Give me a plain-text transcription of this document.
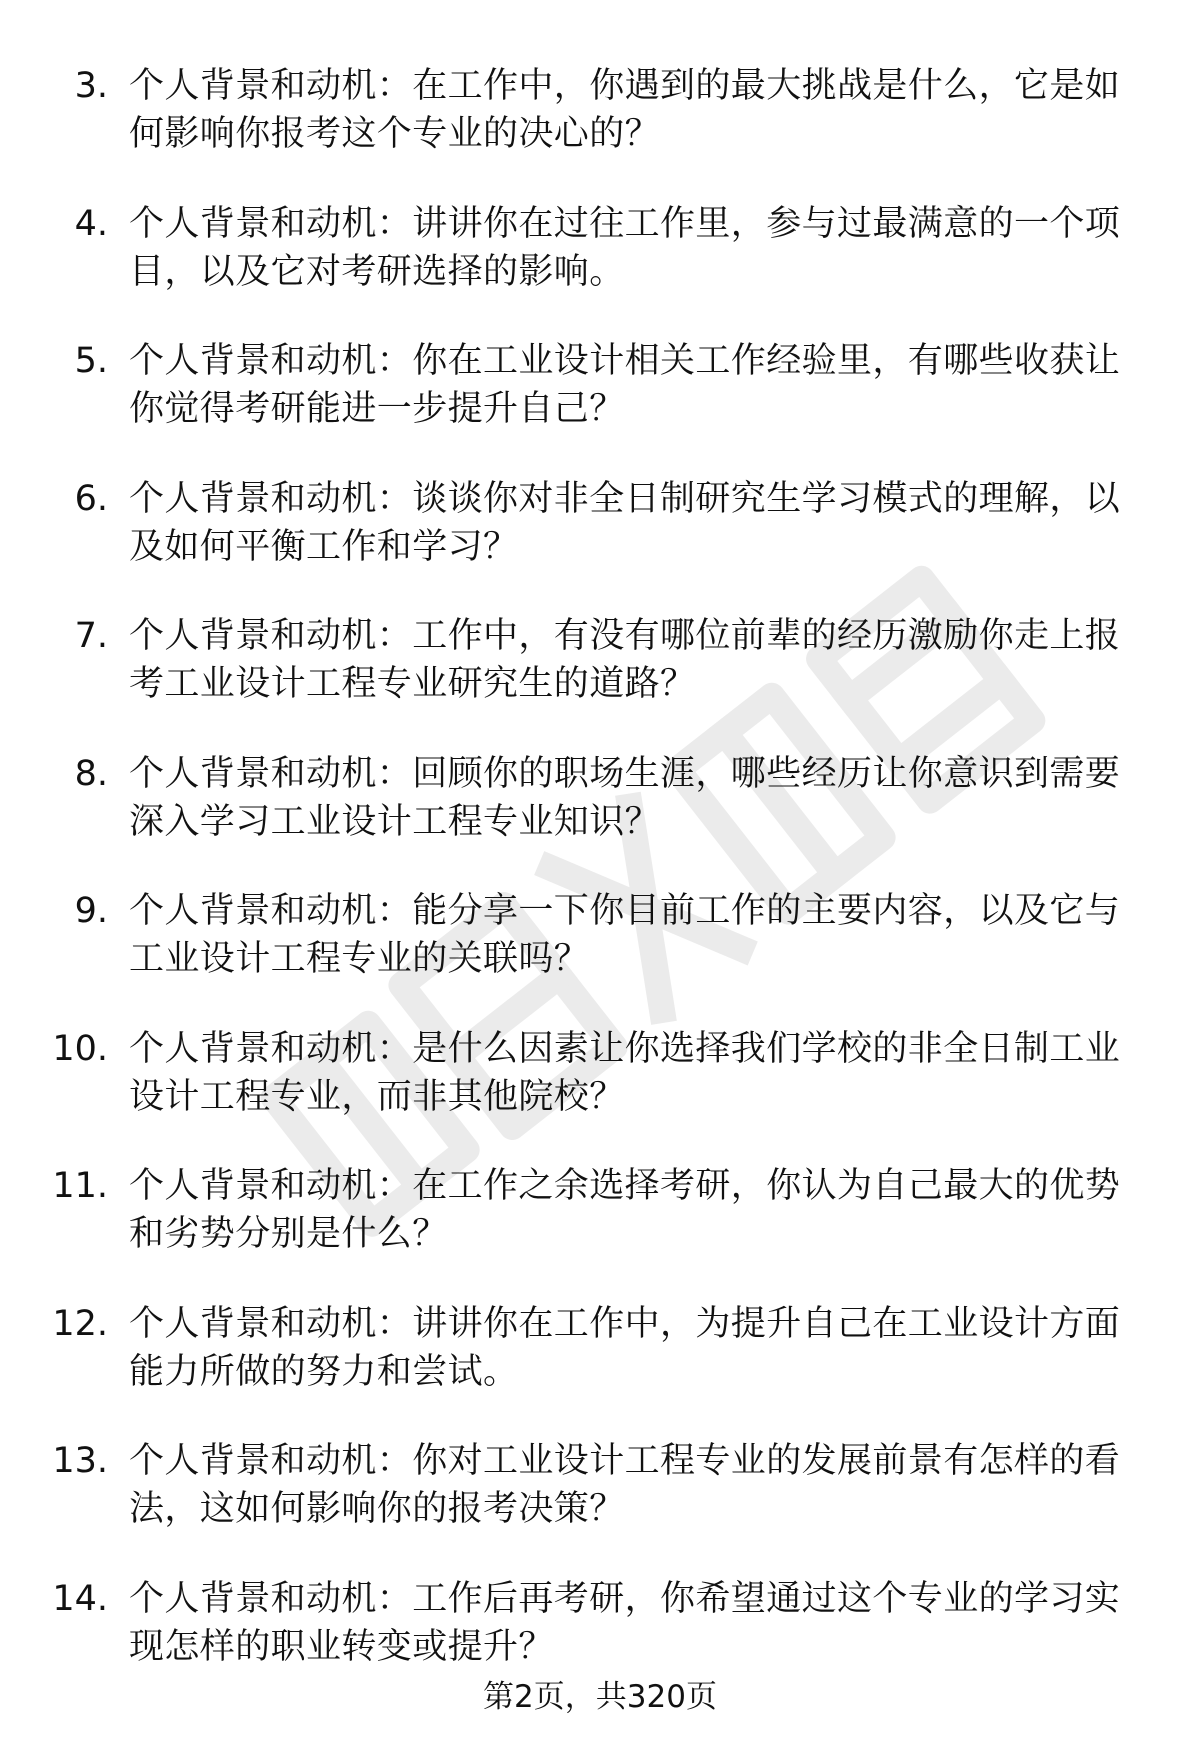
3. 个人背景和动机：在工作中，你遇到的最大挑战是什么，它是如何影响你报考这个专业的决心的？
4. 个人背景和动机：讲讲你在过往工作里，参与过最满意的一个项目，以及它对考研选择的影响。
5. 个人背景和动机：你在工业设计相关工作经验里，有哪些收获让你觉得考研能进一步提升自己？
6. 个人背景和动机：谈谈你对非全日制研究生学习模式的理解，以及如何平衡工作和学习？
7. 个人背景和动机：工作中，有没有哪位前辈的经历激励你走上报考工业设计工程专业研究生的道路？
8. 个人背景和动机：回顾你的职场生涯，哪些经历让你意识到需要深入学习工业设计工程专业知识？
9. 个人背景和动机：能分享一下你目前工作的主要内容，以及它与工业设计工程专业的关联吗？
10. 个人背景和动机：是什么因素让你选择我们学校的非全日制工业设计工程专业，而非其他院校？
11. 个人背景和动机：在工作之余选择考研，你认为自己最大的优势和劣势分别是什么？
12. 个人背景和动机：讲讲你在工作中，为提升自己在工业设计方面能力所做的努力和尝试。
13. 个人背景和动机：你对工业设计工程专业的发展前景有怎样的看法，这如何影响你的报考决策？
14. 个人背景和动机：工作后再考研，你希望通过这个专业的学习实现怎样的职业转变或提升？
第2页，共320页
